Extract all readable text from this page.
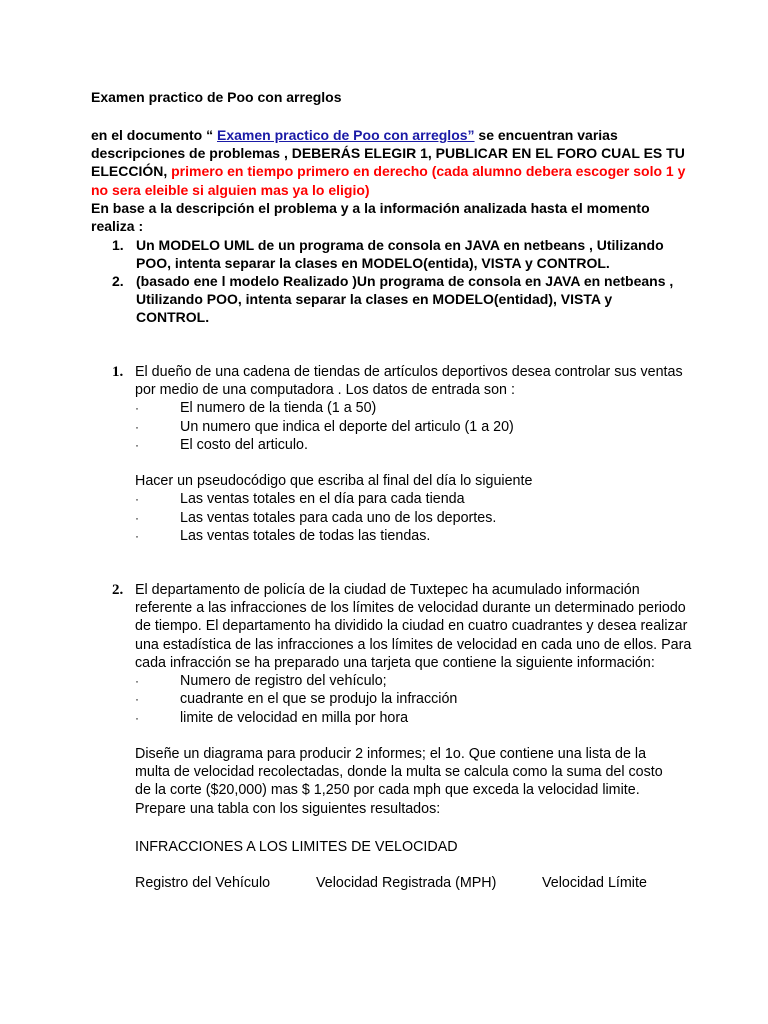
Examen practico de Poo con arreglos
en el documento “ Examen practico de Poo con arreglos” se encuentran varias descripciones de problemas , DEBERÁS ELEGIR 1, PUBLICAR EN EL FORO CUAL ES TU ELECCIÓN, primero en tiempo primero en derecho (cada alumno debera escoger solo 1 y no sera eleible si alguien mas ya lo eligio)
En base a la descripción el problema y a la información analizada hasta el momento realiza :
1. Un MODELO UML de un programa de consola en JAVA en netbeans , Utilizando POO, intenta separar la clases en MODELO(entida), VISTA y CONTROL.
2. (basado ene l modelo Realizado )Un programa de consola en JAVA en netbeans , Utilizando POO, intenta separar la clases en MODELO(entidad), VISTA y CONTROL.
1. El dueño de una cadena de tiendas de artículos deportivos desea controlar sus ventas por medio de una computadora . Los datos de entrada son :
·	El numero de la tienda (1 a 50)
·	Un numero que indica el deporte del articulo (1 a 20)
·	El costo del articulo.
Hacer un pseudocódigo que escriba al final del día lo siguiente
·	Las ventas totales en el día para cada tienda
·	Las ventas totales para cada uno de los deportes.
·	Las ventas totales de todas las tiendas.
2. El departamento de policía de la ciudad de Tuxtepec ha acumulado información referente a las infracciones de los límites de velocidad durante un determinado periodo de tiempo. El departamento ha dividido la ciudad en cuatro cuadrantes y desea realizar una estadística de las infracciones a los límites de velocidad en cada uno de ellos. Para cada infracción se ha preparado una tarjeta que contiene la siguiente información:
·	Numero de registro del vehículo;
·	cuadrante en el que se produjo la infracción
·	limite de velocidad en milla por hora
Diseñe un diagrama para producir 2 informes; el 1o. Que contiene una lista de la multa de velocidad recolectadas, donde la multa se calcula como la suma del costo de la corte ($20,000) mas $ 1,250 por cada mph que exceda la velocidad limite. Prepare una tabla con los siguientes resultados:
INFRACCIONES A LOS LIMITES DE VELOCIDAD
Registro del Vehículo	Velocidad Registrada (MPH)	Velocidad Límite
